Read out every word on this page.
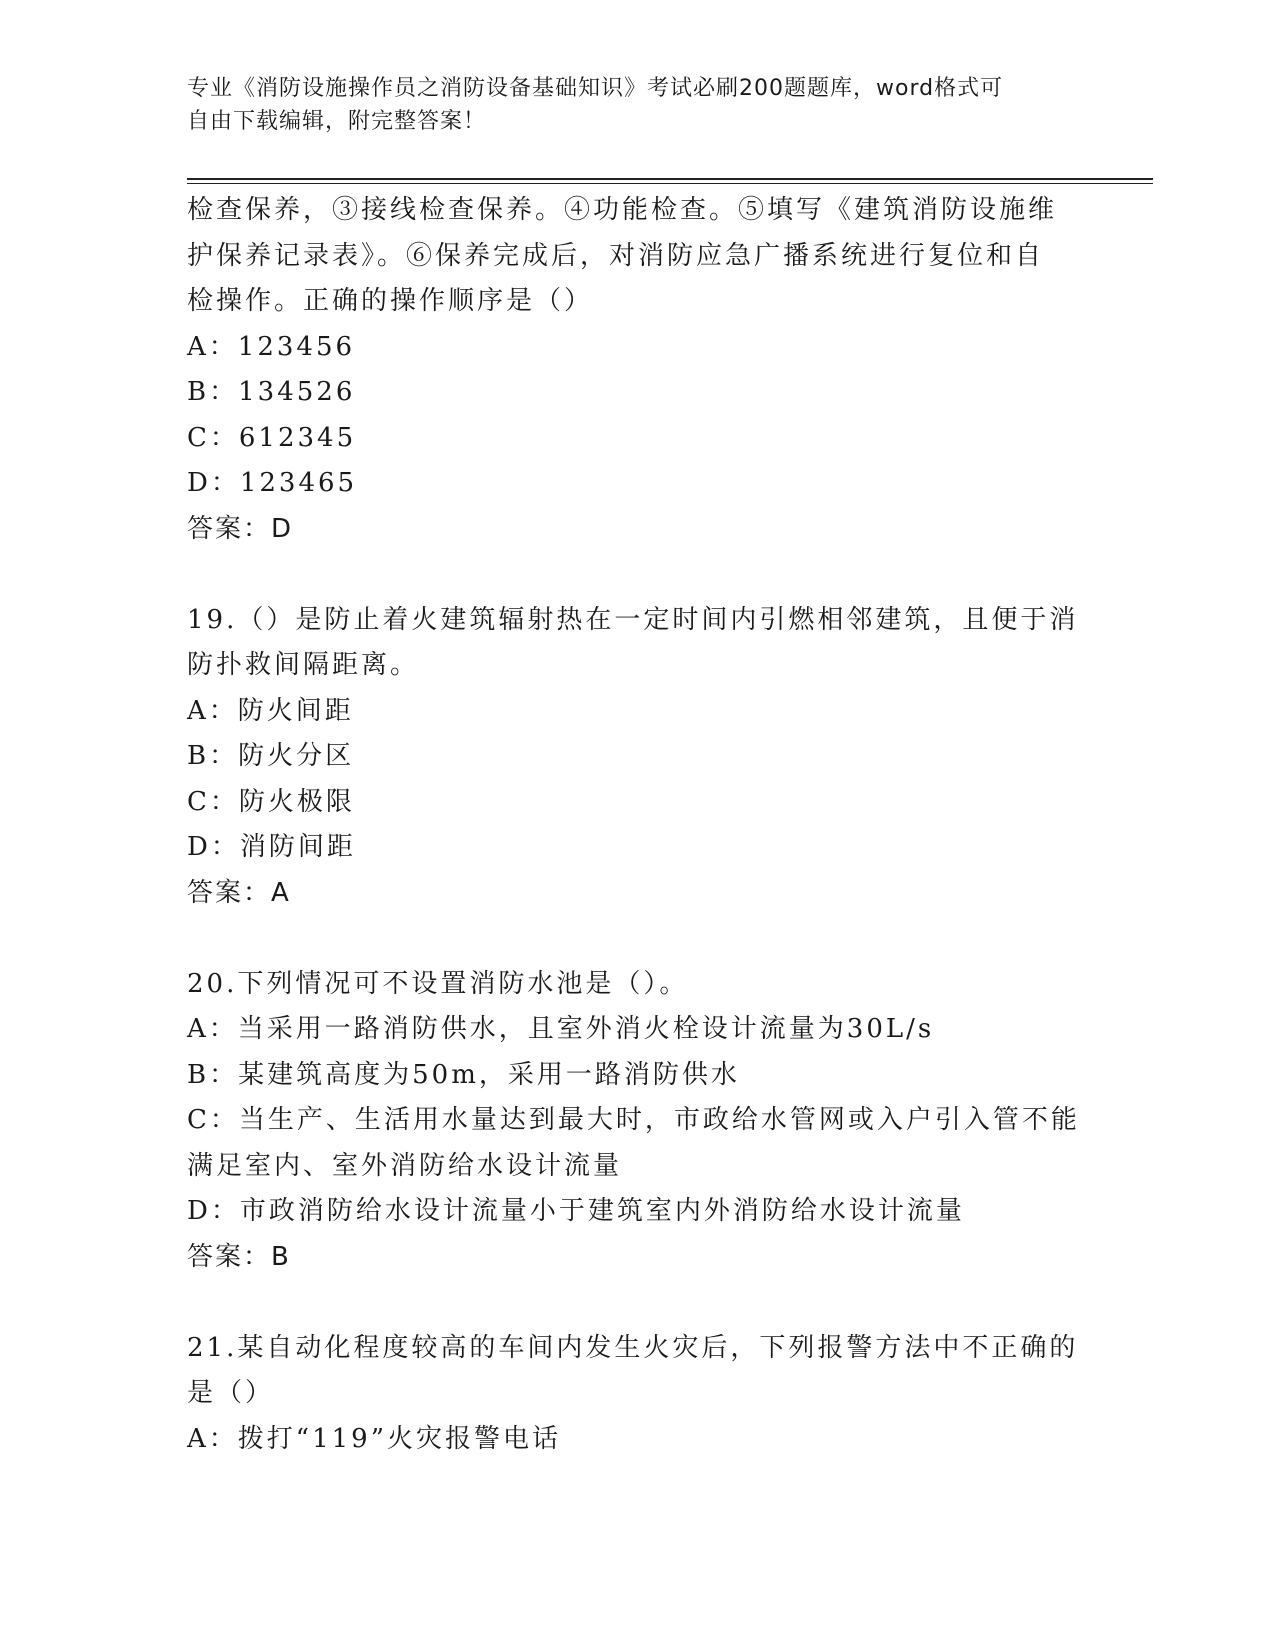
专业《消防设施操作员之消防设备基础知识》考试必刷200题题库，word格式可
自由下载编辑，附完整答案！
检查保养，③接线检查保养。④功能检查。⑤填写《建筑消防设施维
护保养记录表》。⑥保养完成后，对消防应急广播系统进行复位和自
检操作。正确的操作顺序是（）
A：123456
B：134526
C：612345
D：123465
答案：D
19.（）是防止着火建筑辐射热在一定时间内引燃相邻建筑，且便于消
防扑救间隔距离。
A：防火间距
B：防火分区
C：防火极限
D：消防间距
答案：A
20.下列情况可不设置消防水池是（）。
A：当采用一路消防供水，且室外消火栓设计流量为30L/s
B：某建筑高度为50m，采用一路消防供水
C：当生产、生活用水量达到最大时，市政给水管网或入户引入管不能
满足室内、室外消防给水设计流量
D：市政消防给水设计流量小于建筑室内外消防给水设计流量
答案：B
21.某自动化程度较高的车间内发生火灾后，下列报警方法中不正确的
是（）
A：拨打“119”火灾报警电话
